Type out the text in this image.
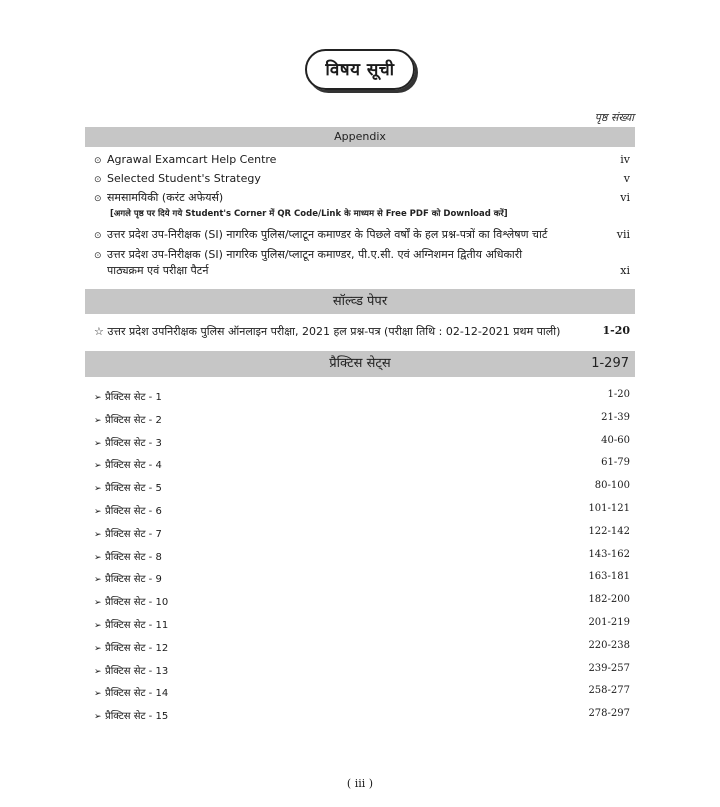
विषय सूची
पृष्ठ संख्या
Appendix
⊙ Agrawal Examcart Help Centre	iv
⊙ Selected Student's Strategy	v
⊙ समसामयिकी (करंट अफेयर्स)	vi
[अगले पृष्ठ पर दिये गये Student's Corner में QR Code/Link के माध्यम से Free PDF को Download करें]
⊙ उत्तर प्रदेश उप-निरीक्षक (SI) नागरिक पुलिस/प्लाटून कमाण्डर के पिछले वर्षों के हल प्रश्न-पत्रों का विश्लेषण चार्ट	vii
⊙ उत्तर प्रदेश उप-निरीक्षक (SI) नागरिक पुलिस/प्लाटून कमाण्डर, पी.ए.सी. एवं अग्निशमन द्वितीय अधिकारी
पाठ्यक्रम एवं परीक्षा पैटर्न	xi
सॉल्व्ड पेपर
☆ उत्तर प्रदेश उपनिरीक्षक पुलिस ऑनलाइन परीक्षा, 2021 हल प्रश्न-पत्र (परीक्षा तिथि : 02-12-2021 प्रथम पाली)	1-20
प्रैक्टिस सेट्स	1-297
➢ प्रैक्टिस सेट - 1	1-20
➢ प्रैक्टिस सेट - 2	21-39
➢ प्रैक्टिस सेट - 3	40-60
➢ प्रैक्टिस सेट - 4	61-79
➢ प्रैक्टिस सेट - 5	80-100
➢ प्रैक्टिस सेट - 6	101-121
➢ प्रैक्टिस सेट - 7	122-142
➢ प्रैक्टिस सेट - 8	143-162
➢ प्रैक्टिस सेट - 9	163-181
➢ प्रैक्टिस सेट - 10	182-200
➢ प्रैक्टिस सेट - 11	201-219
➢ प्रैक्टिस सेट - 12	220-238
➢ प्रैक्टिस सेट - 13	239-257
➢ प्रैक्टिस सेट - 14	258-277
➢ प्रैक्टिस सेट - 15	278-297
( iii )
